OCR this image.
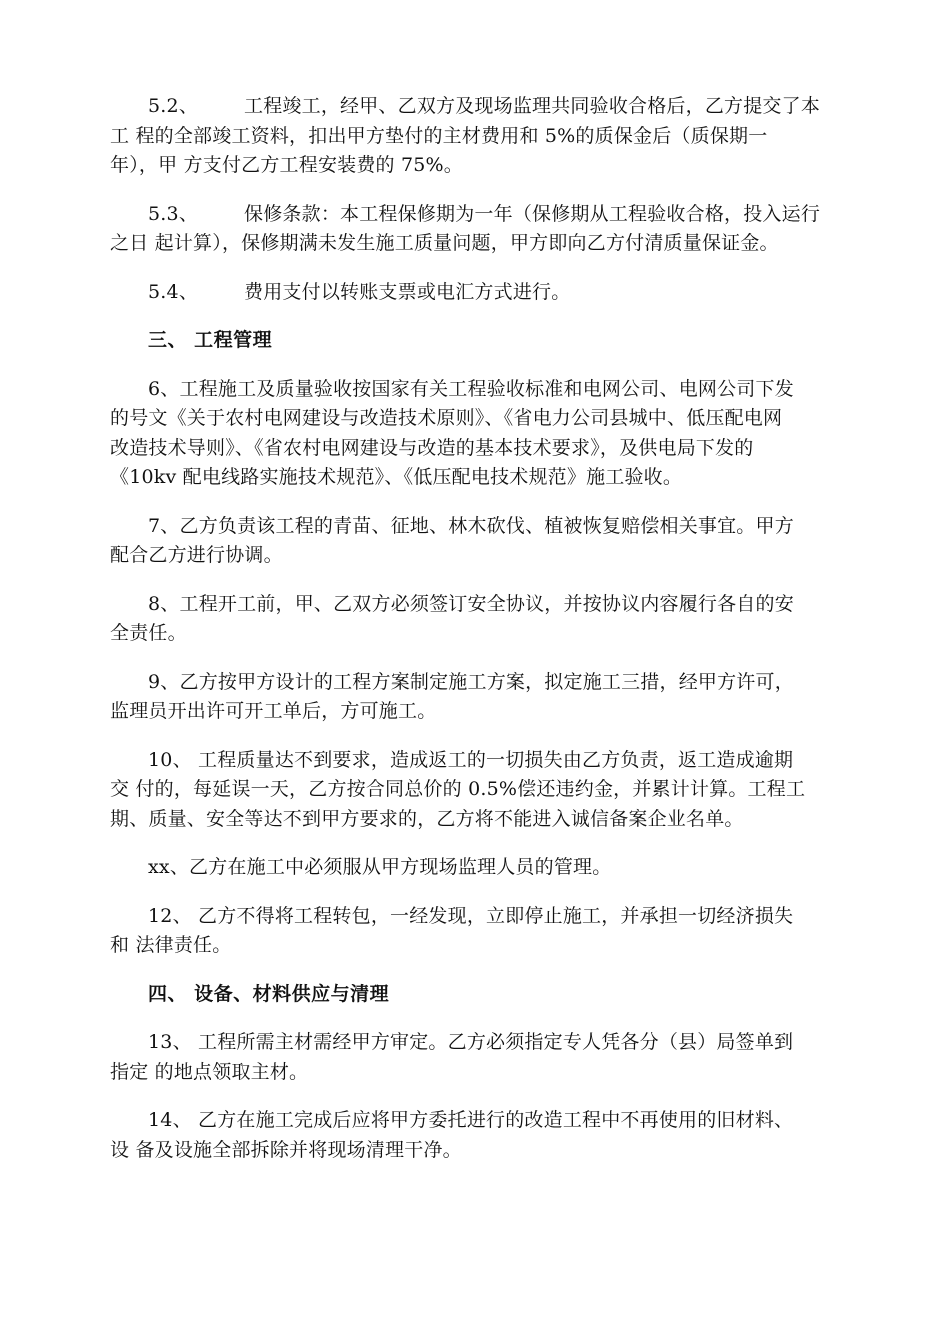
5.2、 工程竣工，经甲、乙双方及现场监理共同验收合格后，乙方提交了本
工 程的全部竣工资料，扣出甲方垫付的主材费用和 5%的质保金后（质保期一
年），甲 方支付乙方工程安装费的 75%。

5.3、 保修条款：本工程保修期为一年（保修期从工程验收合格，投入运行
之日 起计算），保修期满未发生施工质量问题，甲方即向乙方付清质量保证金。

5.4、 费用支付以转账支票或电汇方式进行。

三、 工程管理

6、工程施工及质量验收按国家有关工程验收标准和电网公司、电网公司下发
的号文《关于农村电网建设与改造技术原则》、《省电力公司县城中、低压配电网
改造技术导则》、《省农村电网建设与改造的基本技术要求》，及供电局下发的
《10kv 配电线路实施技术规范》、《低压配电技术规范》施工验收。

7、乙方负责该工程的青苗、征地、林木砍伐、植被恢复赔偿相关事宜。甲方
配合乙方进行协调。

8、工程开工前，甲、乙双方必须签订安全协议，并按协议内容履行各自的安
全责任。

9、乙方按甲方设计的工程方案制定施工方案，拟定施工三措，经甲方许可，
监理员开出许可开工单后，方可施工。

10、 工程质量达不到要求，造成返工的一切损失由乙方负责，返工造成逾期
交 付的，每延误一天，乙方按合同总价的 0.5%偿还违约金，并累计计算。工程工
期、质量、安全等达不到甲方要求的，乙方将不能进入诚信备案企业名单。

xx、乙方在施工中必须服从甲方现场监理人员的管理。

12、 乙方不得将工程转包，一经发现，立即停止施工，并承担一切经济损失
和 法律责任。

四、 设备、材料供应与清理

13、 工程所需主材需经甲方审定。乙方必须指定专人凭各分（县）局签单到
指定 的地点领取主材。

14、 乙方在施工完成后应将甲方委托进行的改造工程中不再使用的旧材料、
设 备及设施全部拆除并将现场清理干净。
